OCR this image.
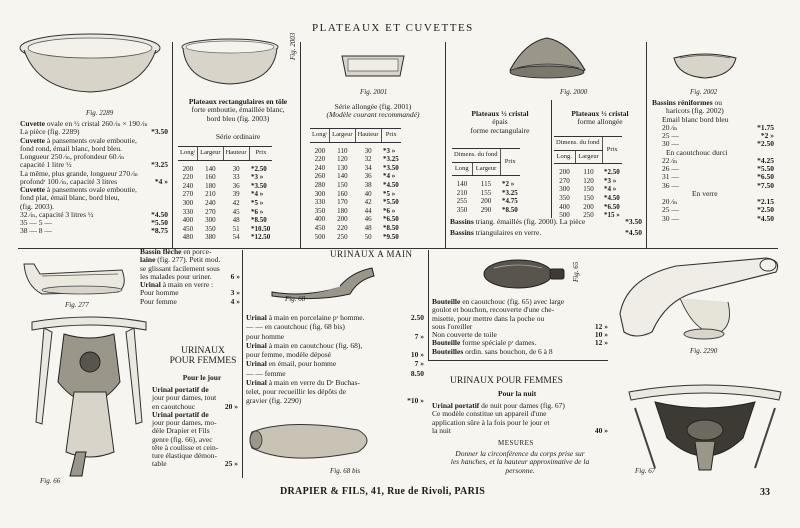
PLATEAUX ET CUVETTES
Fig. 2289
Cuvette ovale en ½ cristal 260 ⁄ₘ × 190 ⁄ₘ
La pièce (fig. 2289)	*3.50
Cuvette à pansements ovale emboutie,
fond rond, émail blanc, bord bleu.
Longueur 250 ⁄ₘ, profondeur 60 ⁄ₘ
capacité 1 litre ½	*3.25
La même, plus grande, longueur 270 ⁄ₘ
profondʳ 100 ⁄ₘ, capacité 3 litres	*4 »
Cuvette à pansements ovale emboutie,
fond plat, émail blanc, bord bleu,
(fig. 2003).
32 ⁄ₘ, capacité 3 litres ½	*4.50
35 — 5 —	*5.50
38 — 8 —	*8.75
Fig. 2003
Plateaux rectangulaires en tôle
forte emboutie, émaillée blanc,
bord bleu (fig. 2003)
Série ordinaire
Longʳ	Largeur	Hauteur	Prix
200	140	30	*2.50
220	160	33	*3 »
240	180	36	*3.50
270	210	39	*4 »
300	240	42	*5 »
330	270	45	*6 »
400	300	48	*8.50
450	350	51	*10.50
480	380	54	*12.50
Fig. 2001
Série allongée (fig. 2001)
(Modèle courant recommandé)
Longʳ	Largeur	Hauteur	Prix
200	110	30	*3 »
220	120	32	*3.25
240	130	34	*3.50
260	140	36	*4 »
280	150	38	*4.50
300	160	40	*5 »
330	170	42	*5.50
350	180	44	*6 »
400	200	46	*6.50
450	220	48	*8.50
500	250	50	*9.50
Fig. 2000
Plateaux ½ cristal
épais
forme rectangulaire
Dimens. du fond		Prix
Long	Largeur	
140	115	*2 »
210	155	*3.25
255	200	*4.75
350	290	*8.50
Plateaux ½ cristal
forme allongée
Dimens. du fond		Prix
Long.	Largeur	
200	110	*2.50
270	120	*3 »
300	150	*4 »
350	150	*4.50
400	200	*6.50
500	250	*15 »
Bassins triang. émaillés (fig. 2000). La pièce	*3.50
Bassins triangulaires en verre.	*4.50
Fig. 2002
Bassins réniformes ou
haricots (fig. 2002)
Email blanc bord bleu
20 ⁄ₘ	*1.75
25 —	*2 »
30 —	*2.50
En caoutchouc durci
22 ⁄ₘ	*4.25
26 —	*5.50
31 —	*6.50
36 —	*7.50
En verre
20 ⁄ₘ	*2.15
25 —	*2.50
30 —	*4.50
Fig. 277
Bassin flèche en porce-
laine (fig. 277). Petit mod.
se glissant facilement sous
les malades pour uriner.	6 »
Urinal à main en verre :
Pour homme	3 »
Pour femme	4 »
Fig. 66
URINAUX
POUR FEMMES
Pour le jour
Urinal portatif de
jour pour dames, tout
en caoutchouc	20 »
Urinal portatif de
jour pour dames, mo-
dèle Drapier et Fils
genre (fig. 66), avec
tête à coulisse et cein-
ture élastique démon-
table	25 »
URINAUX A MAIN
Fig. 68
Urinal à main en porcelaine pʳ homme.	2.50
— — en caoutchouc (fig. 68 bis)
pour homme	7 »
Urinal à main en caoutchouc (fig. 68),
pour femme, modèle déposé	10 »
Urinal en émail, pour homme	7 »
— — femme	8.50
Urinal à main en verre du Dʳ Buchas-
telet, pour recueillir les dépôts de
gravier (fig. 2290)	*10 »
Fig. 68 bis
Fig. 65
Bouteille en caoutchouc (fig. 65) avec large
goulot et bouchon, recouverte d'une che-
misette, pour mettre dans la poche ou
sous l'oreiller	12 »
Non couverte de toile	10 »
Bouteille forme spéciale pʳ dames.	12 »
Bouteilles ordin. sans bouchon, de 6 à 8	Fig. 2290
URINAUX POUR FEMMES
Pour la nuit
Urinal portatif de nuit pour dames (fig. 67)
Ce modèle constitue un appareil d'une
application sûre à la fois pour le jour et
la nuit	40 »
MESURES
Donner la circonférence du corps prise sur
les hanches, et la hauteur approximative de la
personne.	Fig. 67
DRAPIER & FILS, 41, Rue de Rivoli, PARIS	33
